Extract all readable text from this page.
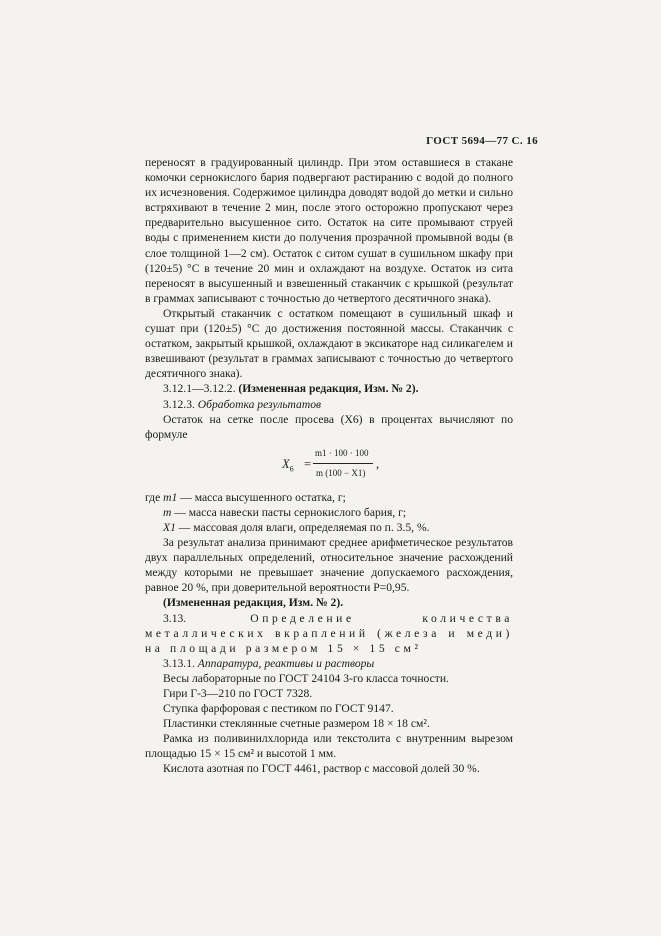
ГОСТ 5694—77 С. 16

переносят в градуированный цилиндр. При этом оставшиеся в стакане комочки сернокислого бария подвергают растиранию с водой до полного их исчезновения. Содержимое цилиндра доводят водой до метки и сильно встряхивают в течение 2 мин, после этого осторожно пропускают через предварительно высушенное сито. Остаток на сите промывают струей воды с применением кисти до получения прозрачной промывной воды (в слое толщиной 1—2 см). Остаток с ситом сушат в сушильном шкафу при (120±5) °С в течение 20 мин и охлаждают на воздухе. Остаток из сита переносят в высушенный и взвешенный стаканчик с крышкой (результат в граммах записывают с точностью до четвертого десятичного знака).

Открытый стаканчик с остатком помещают в сушильный шкаф и сушат при (120±5) °С до достижения постоянной массы. Стаканчик с остатком, закрытый крышкой, охлаждают в эксикаторе над силикагелем и взвешивают (результат в граммах записывают с точностью до четвертого десятичного знака).

3.12.1—3.12.2. (Измененная редакция, Изм. № 2).

3.12.3. Обработка результатов

Остаток на сетке после просева (X6) в процентах вычисляют по формуле

$X_6$ =
m1 · 100 · 100
m (100 − X1)
,

где m1 — масса высушенного остатка, г;

m — масса навески пасты сернокислого бария, г;

X1 — массовая доля влаги, определяемая по п. 3.5, %.

За результат анализа принимают среднее арифметическое результатов двух параллельных определений, относительное значение расхождений между которыми не превышает значение допускаемого расхождения, равное 20 %, при доверительной вероятности P=0,95.

(Измененная редакция, Изм. № 2).

3.13.	Определение количества металлических вкраплений (железа и меди) на площади размером 15 × 15 см²

3.13.1. Аппаратура, реактивы и растворы

Весы лабораторные по ГОСТ 24104 3-го класса точности.

Гири Г-3—210 по ГОСТ 7328.

Ступка фарфоровая с пестиком по ГОСТ 9147.

Пластинки стеклянные счетные размером 18 × 18 см².

Рамка из поливинилхлорида или текстолита с внутренним вырезом площадью 15 × 15 см² и высотой 1 мм.

Кислота азотная по ГОСТ 4461, раствор с массовой долей 30 %.
